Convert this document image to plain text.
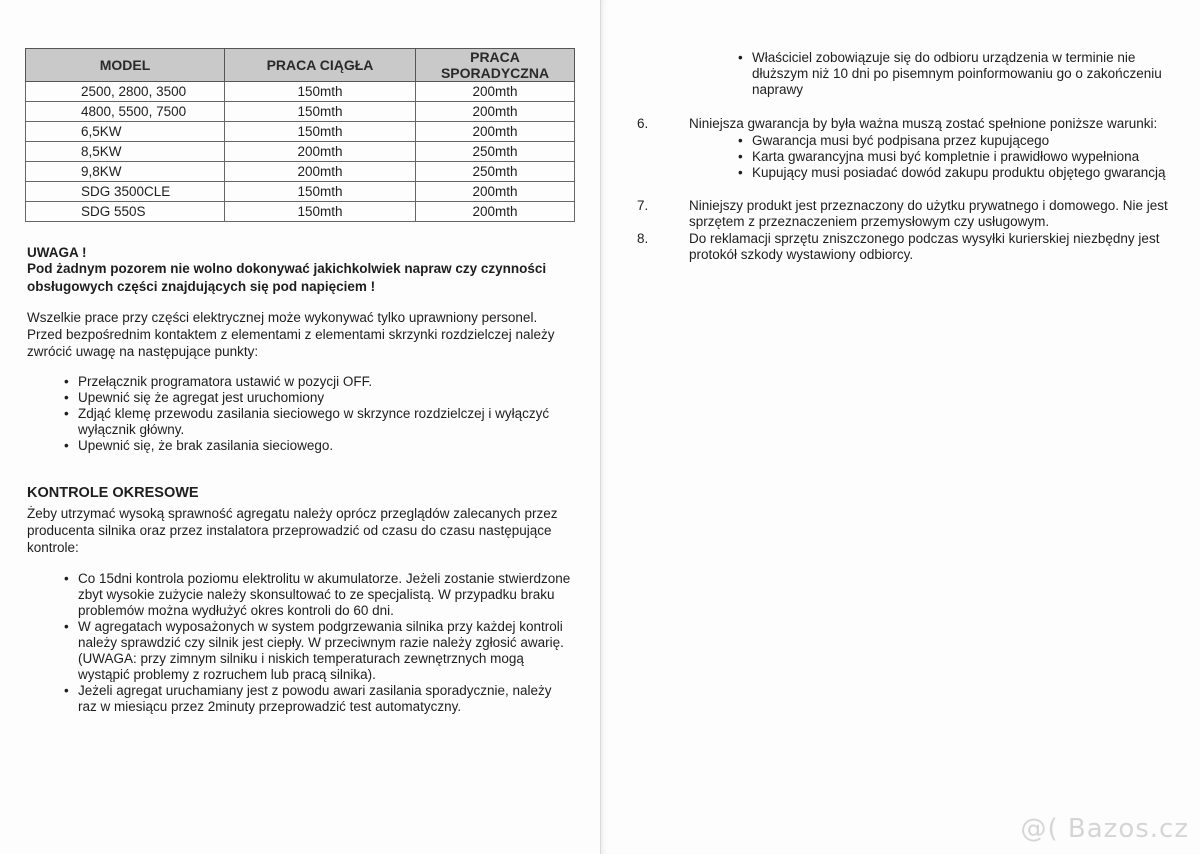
MODEL	PRACA CIĄGŁA	PRACA SPORADYCZNA
2500, 2800, 3500	150mth	200mth
4800, 5500, 7500	150mth	200mth
6,5KW	150mth	200mth
8,5KW	200mth	250mth
9,8KW	200mth	250mth
SDG 3500CLE	150mth	200mth
SDG 550S	150mth	200mth
UWAGA !
Pod żadnym pozorem nie wolno dokonywać jakichkolwiek napraw czy czynności
obsługowych części znajdujących się pod napięciem !
Wszelkie prace przy części elektrycznej może wykonywać tylko uprawniony personel.
Przed bezpośrednim kontaktem z elementami z elementami skrzynki rozdzielczej należy
zwrócić uwagę na następujące punkty:
• Przełącznik programatora ustawić w pozycji OFF.
• Upewnić się że agregat jest uruchomiony
• Zdjąć klemę przewodu zasilania sieciowego w skrzynce rozdzielczej i wyłączyć
wyłącznik główny.
• Upewnić się, że brak zasilania sieciowego.
KONTROLE OKRESOWE
Żeby utrzymać wysoką sprawność agregatu należy oprócz przeglądów zalecanych przez
producenta silnika oraz przez instalatora przeprowadzić od czasu do czasu następujące
kontrole:
• Co 15dni kontrola poziomu elektrolitu w akumulatorze. Jeżeli zostanie stwierdzone
zbyt wysokie zużycie należy skonsultować to ze specjalistą. W przypadku braku
problemów można wydłużyć okres kontroli do 60 dni.
• W agregatach wyposażonych w system podgrzewania silnika przy każdej kontroli
należy sprawdzić czy silnik jest ciepły. W przeciwnym razie należy zgłosić awarię.
(UWAGA: przy zimnym silniku i niskich temperaturach zewnętrznych mogą
wystąpić problemy z rozruchem lub pracą silnika).
• Jeżeli agregat uruchamiany jest z powodu awari zasilania sporadycznie, należy
raz w miesiącu przez 2minuty przeprowadzić test automatyczny.
• Właściciel zobowiązuje się do odbioru urządzenia w terminie nie
dłuższym niż 10 dni po pisemnym poinformowaniu go o zakończeniu
naprawy
6.	Niniejsza gwarancja by była ważna muszą zostać spełnione poniższe warunki:
• Gwarancja musi być podpisana przez kupującego
• Karta gwarancyjna musi być kompletnie i prawidłowo wypełniona
• Kupujący musi posiadać dowód zakupu produktu objętego gwarancją
7.	Niniejszy produkt jest przeznaczony do użytku prywatnego i domowego. Nie jest
sprzętem z przeznaczeniem przemysłowym czy usługowym.
8.	Do reklamacji sprzętu zniszczonego podczas wysyłki kurierskiej niezbędny jest
protokół szkody wystawiony odbiorcy.
@( Bazos.cz
